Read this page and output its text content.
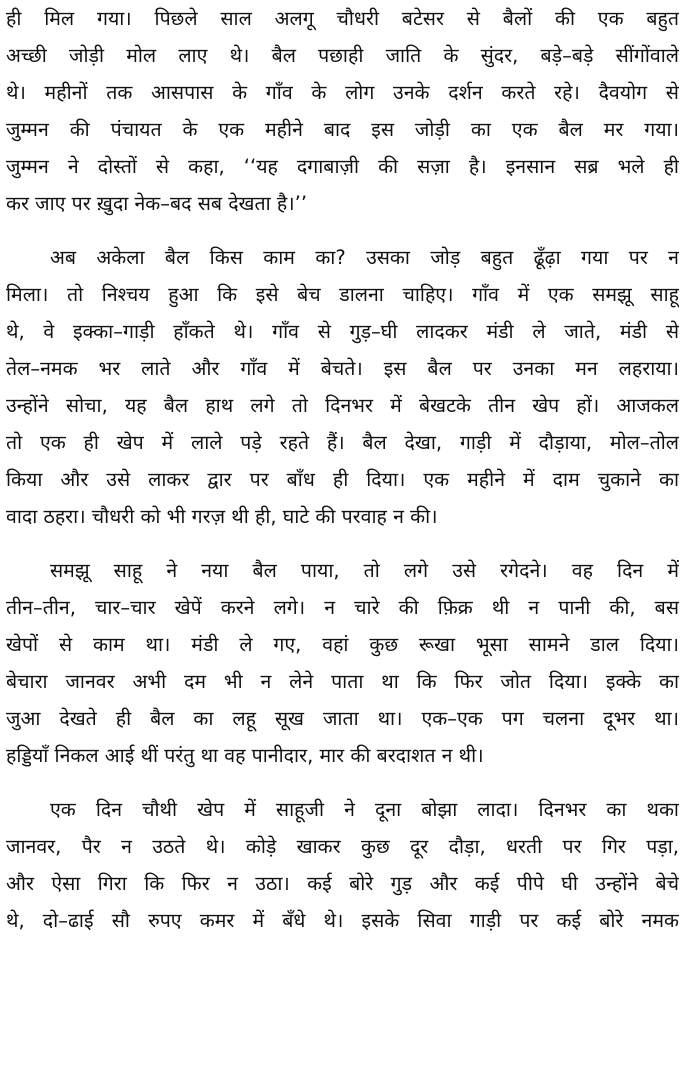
ही मिल गया। पिछले साल अलगू चौधरी बटेसर से बैलों की एक बहुत
अच्छी जोड़ी मोल लाए थे। बैल पछाही जाति के सुंदर, बड़े–बड़े सींगोंवाले
थे। महीनों तक आसपास के गाँव के लोग उनके दर्शन करते रहे। दैवयोग से
जुम्मन की पंचायत के एक महीने बाद इस जोड़ी का एक बैल मर गया।
जुम्मन ने दोस्तों से कहा, ‘‘यह दगाबाज़ी की सज़ा है। इनसान सब्र भले ही
कर जाए पर ख़ुदा नेक–बद सब देखता है।’’
अब अकेला बैल किस काम का? उसका जोड़ बहुत ढूँढ़ा गया पर न
मिला। तो निश्चय हुआ कि इसे बेच डालना चाहिए। गाँव में एक समझू साहू
थे, वे इक्का–गाड़ी हाँकते थे। गाँव से गुड़–घी लादकर मंडी ले जाते, मंडी से
तेल–नमक भर लाते और गाँव में बेचते। इस बैल पर उनका मन लहराया।
उन्होंने सोचा, यह बैल हाथ लगे तो दिनभर में बेखटके तीन खेप हों। आजकल
तो एक ही खेप में लाले पड़े रहते हैं। बैल देखा, गाड़ी में दौड़ाया, मोल–तोल
किया और उसे लाकर द्वार पर बाँध ही दिया। एक महीने में दाम चुकाने का
वादा ठहरा। चौधरी को भी गरज़ थी ही, घाटे की परवाह न की।
समझू साहू ने नया बैल पाया, तो लगे उसे रगेदने। वह दिन में
तीन–तीन, चार–चार खेपें करने लगे। न चारे की फ़िक्र थी न पानी की, बस
खेपों से काम था। मंडी ले गए, वहां कुछ रूखा भूसा सामने डाल दिया।
बेचारा जानवर अभी दम भी न लेने पाता था कि फिर जोत दिया। इक्के का
जुआ देखते ही बैल का लहू सूख जाता था। एक–एक पग चलना दूभर था।
हड्डियाँ निकल आई थीं परंतु था वह पानीदार, मार की बरदाशत न थी।
एक दिन चौथी खेप में साहूजी ने दूना बोझा लादा। दिनभर का थका
जानवर, पैर न उठते थे। कोड़े खाकर कुछ दूर दौड़ा, धरती पर गिर पड़ा,
और ऐसा गिरा कि फिर न उठा। कई बोरे गुड़ और कई पीपे घी उन्होंने बेचे
थे, दो–ढाई सौ रुपए कमर में बँधे थे। इसके सिवा गाड़ी पर कई बोरे नमक
